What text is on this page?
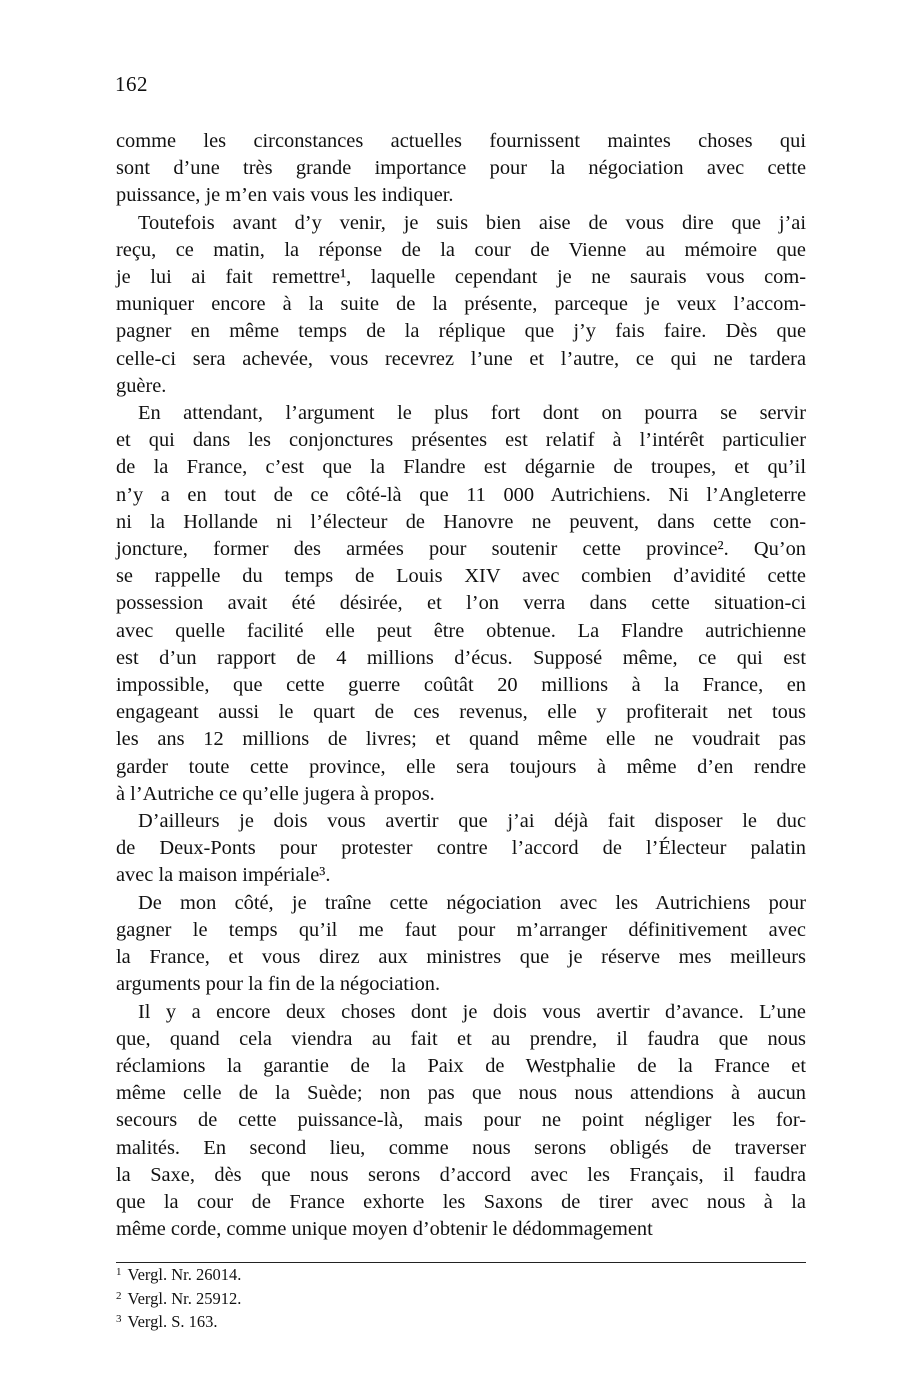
162

comme les circonstances actuelles fournissent maintes choses qui
sont d’une très grande importance pour la négociation avec cette
puissance, je m’en vais vous les indiquer.

Toutefois avant d’y venir, je suis bien aise de vous dire que j’ai
reçu, ce matin, la réponse de la cour de Vienne au mémoire que
je lui ai fait remettre¹, laquelle cependant je ne saurais vous com-
muniquer encore à la suite de la présente, parceque je veux l’accom-
pagner en même temps de la réplique que j’y fais faire. Dès que
celle-ci sera achevée, vous recevrez l’une et l’autre, ce qui ne tardera
guère.

En attendant, l’argument le plus fort dont on pourra se servir
et qui dans les conjonctures présentes est relatif à l’intérêt particulier
de la France, c’est que la Flandre est dégarnie de troupes, et qu’il
n’y a en tout de ce côté-là que 11 000 Autrichiens. Ni l’Angleterre
ni la Hollande ni l’électeur de Hanovre ne peuvent, dans cette con-
joncture, former des armées pour soutenir cette province². Qu’on
se rappelle du temps de Louis XIV avec combien d’avidité cette
possession avait été désirée, et l’on verra dans cette situation-ci
avec quelle facilité elle peut être obtenue. La Flandre autrichienne
est d’un rapport de 4 millions d’écus. Supposé même, ce qui est
impossible, que cette guerre coûtât 20 millions à la France, en
engageant aussi le quart de ces revenus, elle y profiterait net tous
les ans 12 millions de livres; et quand même elle ne voudrait pas
garder toute cette province, elle sera toujours à même d’en rendre
à l’Autriche ce qu’elle jugera à propos.

D’ailleurs je dois vous avertir que j’ai déjà fait disposer le duc
de Deux-Ponts pour protester contre l’accord de l’Électeur palatin
avec la maison impériale³.

De mon côté, je traîne cette négociation avec les Autrichiens pour
gagner le temps qu’il me faut pour m’arranger définitivement avec
la France, et vous direz aux ministres que je réserve mes meilleurs
arguments pour la fin de la négociation.

Il y a encore deux choses dont je dois vous avertir d’avance. L’une
que, quand cela viendra au fait et au prendre, il faudra que nous
réclamions la garantie de la Paix de Westphalie de la France et
même celle de la Suède; non pas que nous nous attendions à aucun
secours de cette puissance-là, mais pour ne point négliger les for-
malités. En second lieu, comme nous serons obligés de traverser
la Saxe, dès que nous serons d’accord avec les Français, il faudra
que la cour de France exhorte les Saxons de tirer avec nous à la
même corde, comme unique moyen d’obtenir le dédommagement

$^1$ Vergl. Nr. 26014.
$^2$ Vergl. Nr. 25912.
$^3$ Vergl. S. 163.
